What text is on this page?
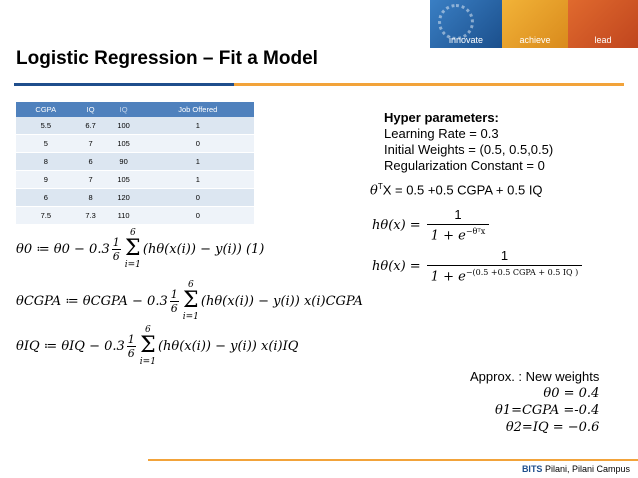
innovate	achieve	lead
Logistic Regression – Fit a Model
CGPA	IQ	IQ	Job Offered
5.5	6.7	100	1
5	7	105	0
8	6	90	1
9	7	105	1
6	8	120	0
7.5	7.3	110	0
Hyper parameters:
Learning Rate = 0.3
Initial Weights = (0.5, 0.5,0.5)
Regularization Constant = 0
$\theta^TX = 0.5 +0.5$ CGPA + 0.5 IQ
$h\theta(x) = \frac{1}{1 + e^{-\theta ᵀx}}$
$h\theta(x) = \frac{1}{1 + e^{-(0.5 +0.5 CGPA + 0.5 IQ )}}$
θ0 ≔ $\theta 0 - 0.3 \frac{1}{6}$
6
Σ
i=1
(hθ(x(i)) − y(i)) (1)
θCGPA ≔ θCGPA − $0.3 \frac{1}{6}$
6
Σ
i=1
(hθ(x(i)) − y(i)) x(i)CGPA
θIQ ≔ $\theta IQ - 0.3 \frac{1}{6}$
6
Σ
i=1
(hθ(x(i)) − y(i)) x(i)IQ
Approx. : New weights
θ0 = 0.4
θ1=CGPA =-0.4
θ2=IQ = −0.6
BITS Pilani, Pilani Campus
